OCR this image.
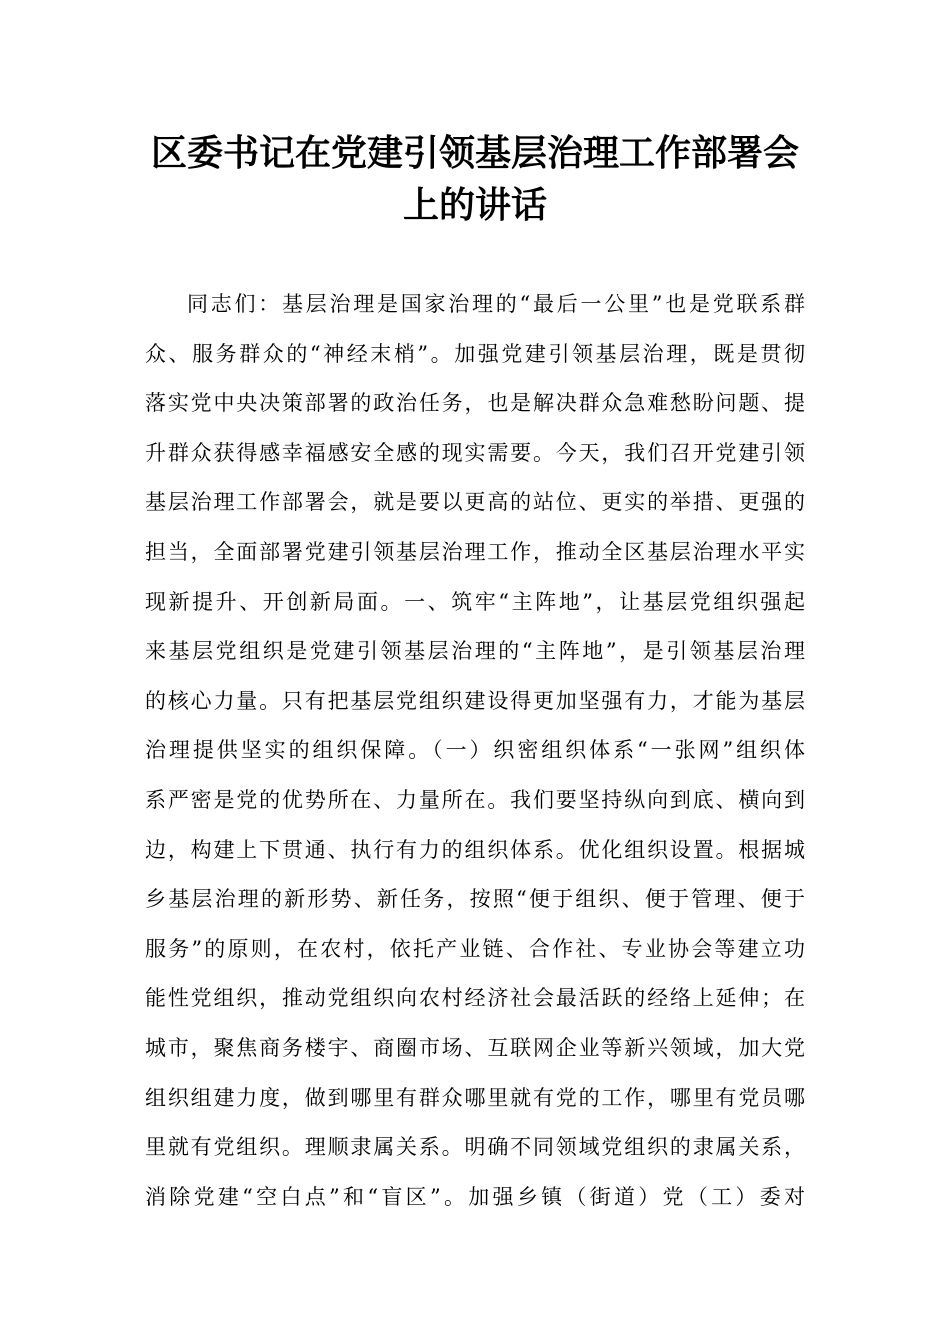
区委书记在党建引领基层治理工作部署会
上的讲话
同志们：基层治理是国家治理的“最后一公里”也是党联系群
众、服务群众的“神经末梢”。加强党建引领基层治理，既是贯彻
落实党中央决策部署的政治任务，也是解决群众急难愁盼问题、提
升群众获得感幸福感安全感的现实需要。今天，我们召开党建引领
基层治理工作部署会，就是要以更高的站位、更实的举措、更强的
担当，全面部署党建引领基层治理工作，推动全区基层治理水平实
现新提升、开创新局面。一、筑牢“主阵地”，让基层党组织强起
来基层党组织是党建引领基层治理的“主阵地”，是引领基层治理
的核心力量。只有把基层党组织建设得更加坚强有力，才能为基层
治理提供坚实的组织保障。（一）织密组织体系“一张网”组织体
系严密是党的优势所在、力量所在。我们要坚持纵向到底、横向到
边，构建上下贯通、执行有力的组织体系。优化组织设置。根据城
乡基层治理的新形势、新任务，按照“便于组织、便于管理、便于
服务”的原则，在农村，依托产业链、合作社、专业协会等建立功
能性党组织，推动党组织向农村经济社会最活跃的经络上延伸；在
城市，聚焦商务楼宇、商圈市场、互联网企业等新兴领域，加大党
组织组建力度，做到哪里有群众哪里就有党的工作，哪里有党员哪
里就有党组织。理顺隶属关系。明确不同领域党组织的隶属关系，
消除党建“空白点”和“盲区”。加强乡镇（街道）党（工）委对
